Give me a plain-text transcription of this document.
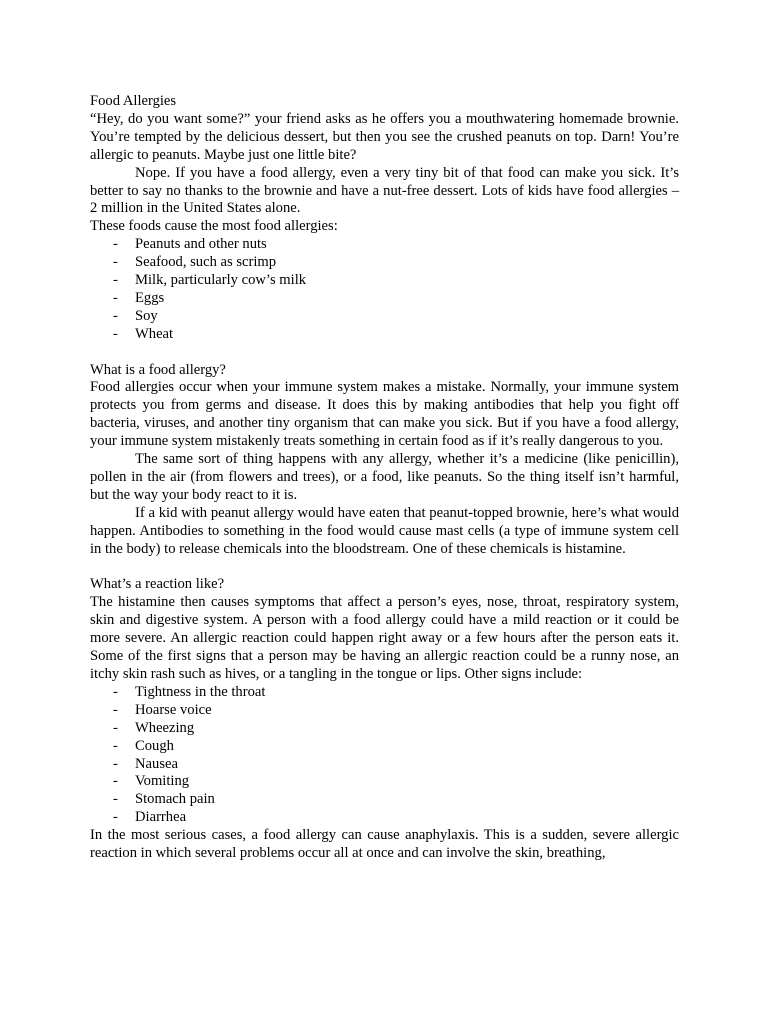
Food Allergies

“Hey, do you want some?” your friend asks as he offers you a mouthwatering homemade brownie. You’re tempted by the delicious dessert, but then you see the crushed peanuts on top. Darn! You’re allergic to peanuts. Maybe just one little bite?

Nope. If you have a food allergy, even a very tiny bit of that food can make you sick. It’s better to say no thanks to the brownie and have a nut-free dessert. Lots of kids have food allergies – 2 million in the United States alone.

These foods cause the most food allergies:
- Peanuts and other nuts
- Seafood, such as scrimp
- Milk, particularly cow’s milk
- Eggs
- Soy
- Wheat
What is a food allergy?

Food allergies occur when your immune system makes a mistake. Normally, your immune system protects you from germs and disease. It does this by making antibodies that help you fight off bacteria, viruses, and another tiny organism that can make you sick. But if you have a food allergy, your immune system mistakenly treats something in certain food as if it’s really dangerous to you.

The same sort of thing happens with any allergy, whether it’s a medicine (like penicillin), pollen in the air (from flowers and trees), or a food, like peanuts. So the thing itself isn’t harmful, but the way your body react to it is.

If a kid with peanut allergy would have eaten that peanut-topped brownie, here’s what would happen. Antibodies to something in the food would cause mast cells (a type of immune system cell in the body) to release chemicals into the bloodstream. One of these chemicals is histamine.

What’s a reaction like?

The histamine then causes symptoms that affect a person’s eyes, nose, throat, respiratory system, skin and digestive system. A person with a food allergy could have a mild reaction or it could be more severe. An allergic reaction could happen right away or a few hours after the person eats it. Some of the first signs that a person may be having an allergic reaction could be a runny nose, an itchy skin rash such as hives, or a tangling in the tongue or lips. Other signs include:

- Tightness in the throat
- Hoarse voice
- Wheezing
- Cough
- Nausea
- Vomiting
- Stomach pain
- Diarrhea

In the most serious cases, a food allergy can cause anaphylaxis. This is a sudden, severe allergic reaction in which several problems occur all at once and can involve the skin, breathing,
